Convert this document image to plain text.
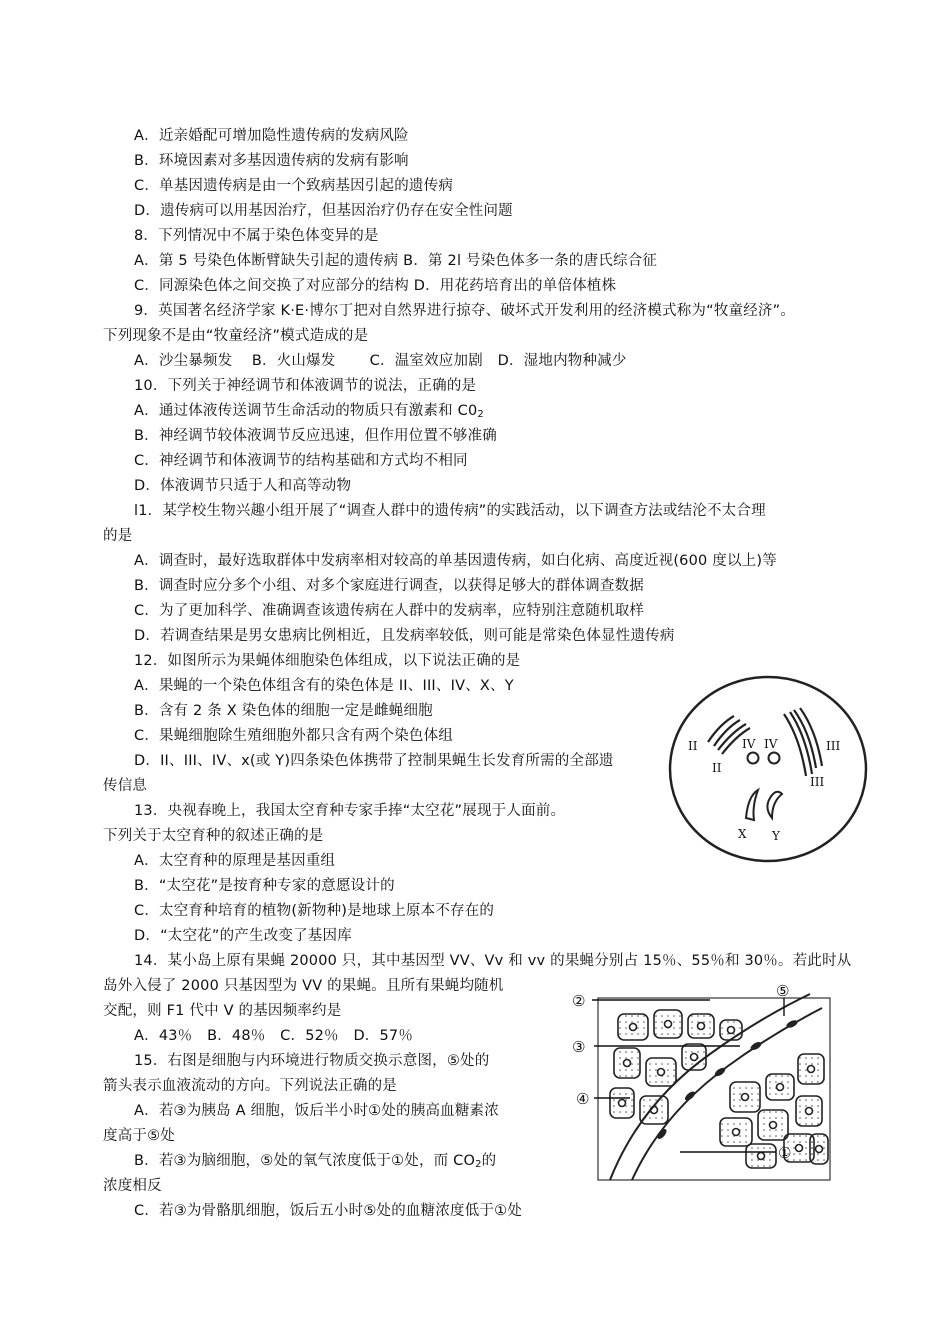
A．近亲婚配可增加隐性遗传病的发病风险
B．环境因素对多基因遗传病的发病有影响
C．单基因遗传病是由一个致病基因引起的遗传病
D．遗传病可以用基因治疗，但基因治疗仍存在安全性问题
8．下列情况中不属于染色体变异的是
A．第 5 号染色体断臂缺失引起的遗传病 B．第 2l 号染色体多一条的唐氏综合征
C．同源染色体之间交换了对应部分的结构 D．用花药培育出的单倍体植株
9．英国著名经济学家 K·E·博尔丁把对自然界进行掠夺、破坏式开发利用的经济模式称为“牧童经济”。
下列现象不是由“牧童经济”模式造成的是
A．沙尘暴频发　 B．火山爆发　　 C．温室效应加剧　D．湿地内物种减少
10．下列关于神经调节和体液调节的说法，正确的是
A．通过体液传送调节生命活动的物质只有激素和 $C0_2$
B．神经调节较体液调节反应迅速，但作用位置不够准确
C．神经调节和体液调节的结构基础和方式均不相同
D．体液调节只适于人和高等动物
l1．某学校生物兴趣小组开展了“调查人群中的遗传病”的实践活动，以下调查方法或结沦不太合理
的是
A．调查时，最好选取群体中发病率相对较高的单基因遗传病，如白化病、高度近视(600 度以上)等
B．调查时应分多个小组、对多个家庭进行调查，以获得足够大的群体调查数据
C．为了更加科学、准确调查该遗传病在人群中的发病率，应特别注意随机取样
D．若调查结果是男女患病比例相近，且发病率较低，则可能是常染色体显性遗传病
12．如图所示为果蝇体细胞染色体组成，以下说法正确的是
A．果蝇的一个染色体组含有的染色体是 II、III、IV、X、Y
B．含有 2 条 X 染色体的细胞一定是雌蝇细胞
C．果蝇细胞除生殖细胞外都只含有两个染色体组
D．II、III、IV、x(或 Y)四条染色体携带了控制果蝇生长发育所需的全部遗
传信息
13．央视春晚上，我国太空育种专家手捧“太空花”展现于人面前。
下列关于太空育种的叙述正确的是
A．太空育种的原理是基因重组
B．“太空花”是按育种专家的意愿设计的
C．太空育种培育的植物(新物种)是地球上原本不存在的
D．“太空花”的产生改变了基因库
14．某小岛上原有果蝇 20000 只，其中基因型 VV、Vv 和 vv 的果蝇分别占 15％、55％和 30％。若此时从
岛外入侵了 2000 只基因型为 VV 的果蝇。且所有果蝇均随机
交配，则 F1 代中 V 的基因频率约是
A．43％　B．48％　C．52％　D．57％
15．右图是细胞与内环境进行物质交换示意图，⑤处的
箭头表示血液流动的方向。下列说法正确的是
A．若③为胰岛 A 细胞，饭后半小时①处的胰高血糖素浓
度高于⑤处
B．若③为脑细胞，⑤处的氧气浓度低于①处，而 $CO_2$的
浓度相反
C．若③为骨骼肌细胞，饭后五小时⑤处的血糖浓度低于①处
II
II
IV IV	III
III
X Y
②
③
④
①
⑤
